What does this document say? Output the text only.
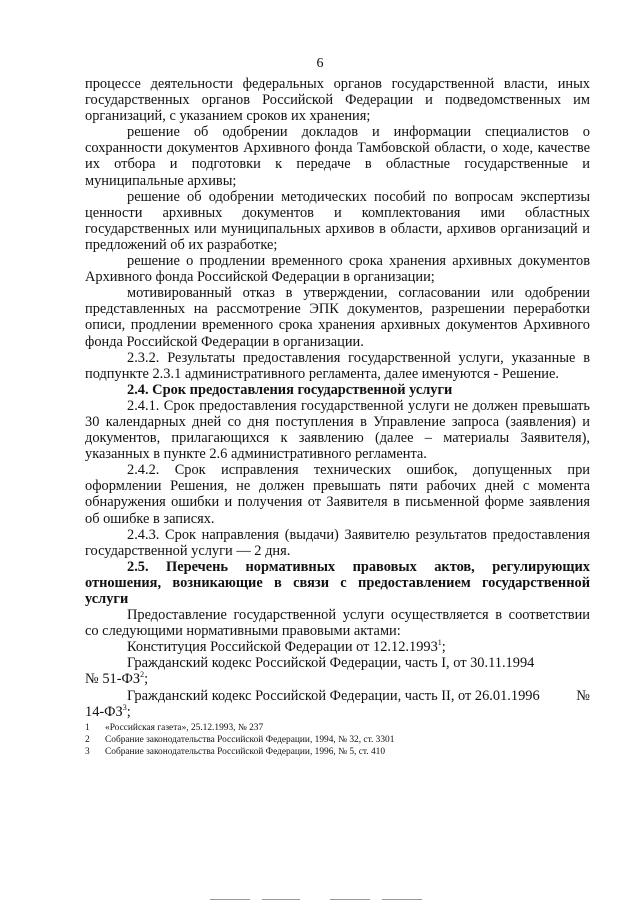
6

процессе деятельности федеральных органов государственной власти, иных государственных органов Российской Федерации и подведомственных им организаций, с указанием сроков их хранения;

решение об одобрении докладов и информации специалистов о сохранности документов Архивного фонда Тамбовской области, о ходе, качестве их отбора и подготовки к передаче в областные государственные и муниципальные архивы;

решение об одобрении методических пособий по вопросам экспертизы ценности архивных документов и комплектования ими областных государственных или муниципальных архивов в области, архивов организаций и предложений об их разработке;

решение о продлении временного срока хранения архивных документов Архивного фонда Российской Федерации в организации;

мотивированный отказ в утверждении, согласовании или одобрении представленных на рассмотрение ЭПК документов, разрешении переработки описи, продлении временного срока хранения архивных документов Архивного фонда Российской Федерации в организации.

2.3.2. Результаты предоставления государственной услуги, указанные в подпункте 2.3.1 административного регламента, далее именуются - Решение.

2.4. Срок предоставления государственной услуги

2.4.1. Срок предоставления государственной услуги не должен превышать 30 календарных дней со дня поступления в Управление запроса (заявления) и документов, прилагающихся к заявлению (далее – материалы Заявителя), указанных в пункте 2.6 административного регламента.

2.4.2. Срок исправления технических ошибок, допущенных при оформлении Решения, не должен превышать пяти рабочих дней с момента обнаружения ошибки и получения от Заявителя в письменной форме заявления об ошибке в записях.

2.4.3. Срок направления (выдачи) Заявителю результатов предоставления государственной услуги — 2 дня.

2.5. Перечень нормативных правовых актов, регулирующих отношения, возникающие в связи с предоставлением государственной услуги

Предоставление государственной услуги осуществляется в соответствии со следующими нормативными правовыми актами:

Конституция Российской Федерации от 12.12.1993$^1$;

Гражданский кодекс Российской Федерации, часть I, от 30.11.1994

№ $51-ФЗ^2$;

Гражданский кодекс Российской Федерации, часть II, от 26.01.1996	№

$14-ФЗ^3$;

1	«Российская газета», 25.12.1993, № 237
2	Собрание законодательства Российской Федерации, 1994, № 32, ст. 3301
3	Собрание законодательства Российской Федерации, 1996, № 5, ст. 410
